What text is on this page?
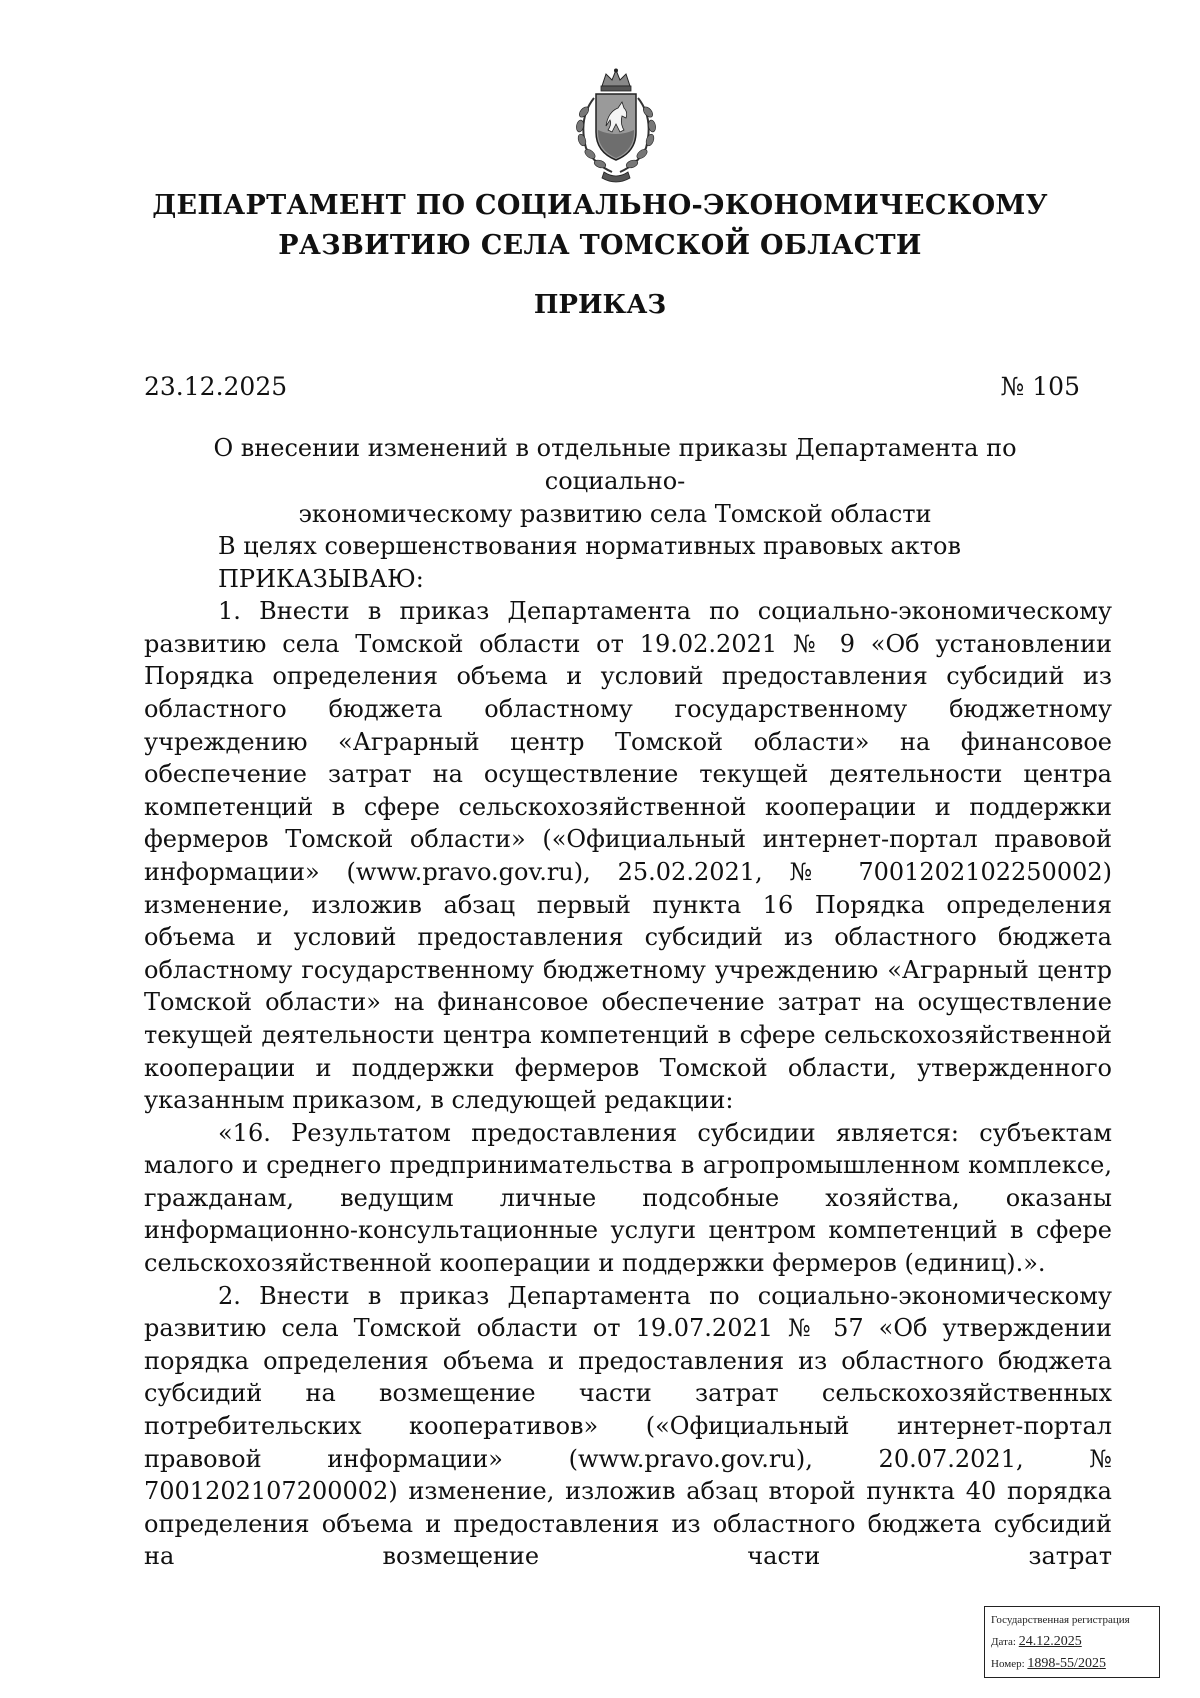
ДЕПАРТАМЕНТ ПО СОЦИАЛЬНО-ЭКОНОМИЧЕСКОМУ
РАЗВИТИЮ СЕЛА ТОМСКОЙ ОБЛАСТИ
ПРИКАЗ
23.12.2025	№ 105
О внесении изменений в отдельные приказы Департамента по социально-
экономическому развитию села Томской области

В целях совершенствования нормативных правовых актов

ПРИКАЗЫВАЮ:

1. Внести в приказ Департамента по социально-экономическому развитию села Томской области от 19.02.2021 № 9 «Об установлении Порядка определения объема и условий предоставления субсидий из областного бюджета областному государственному бюджетному учреждению «Аграрный центр Томской области» на финансовое обеспечение затрат на осуществление текущей деятельности центра компетенций в сфере сельскохозяйственной кооперации и поддержки фермеров Томской области» («Официальный интернет-портал правовой информации» (www.pravo.gov.ru), 25.02.2021, № 7001202102250002) изменение, изложив абзац первый пункта 16 Порядка определения объема и условий предоставления субсидий из областного бюджета областному государственному бюджетному учреждению «Аграрный центр Томской области» на финансовое обеспечение затрат на осуществление текущей деятельности центра компетенций в сфере сельскохозяйственной кооперации и поддержки фермеров Томской области, утвержденного указанным приказом, в следующей редакции:

«16. Результатом предоставления субсидии является: субъектам малого и среднего предпринимательства в агропромышленном комплексе, гражданам, ведущим личные подсобные хозяйства, оказаны информационно-консультационные услуги центром компетенций в сфере сельскохозяйственной кооперации и поддержки фермеров (единиц).».

2. Внести в приказ Департамента по социально-экономическому развитию села Томской области от 19.07.2021 № 57 «Об утверждении порядка определения объема и предоставления из областного бюджета субсидий на возмещение части затрат сельскохозяйственных потребительских кооперативов» («Официальный интернет-портал правовой информации» (www.pravo.gov.ru), 20.07.2021, № 7001202107200002) изменение, изложив абзац второй пункта 40 порядка определения объема и предоставления из областного бюджета субсидий на возмещение части затрат

Государственная регистрация
Дата: 24.12.2025
Номер: 1898-55/2025
